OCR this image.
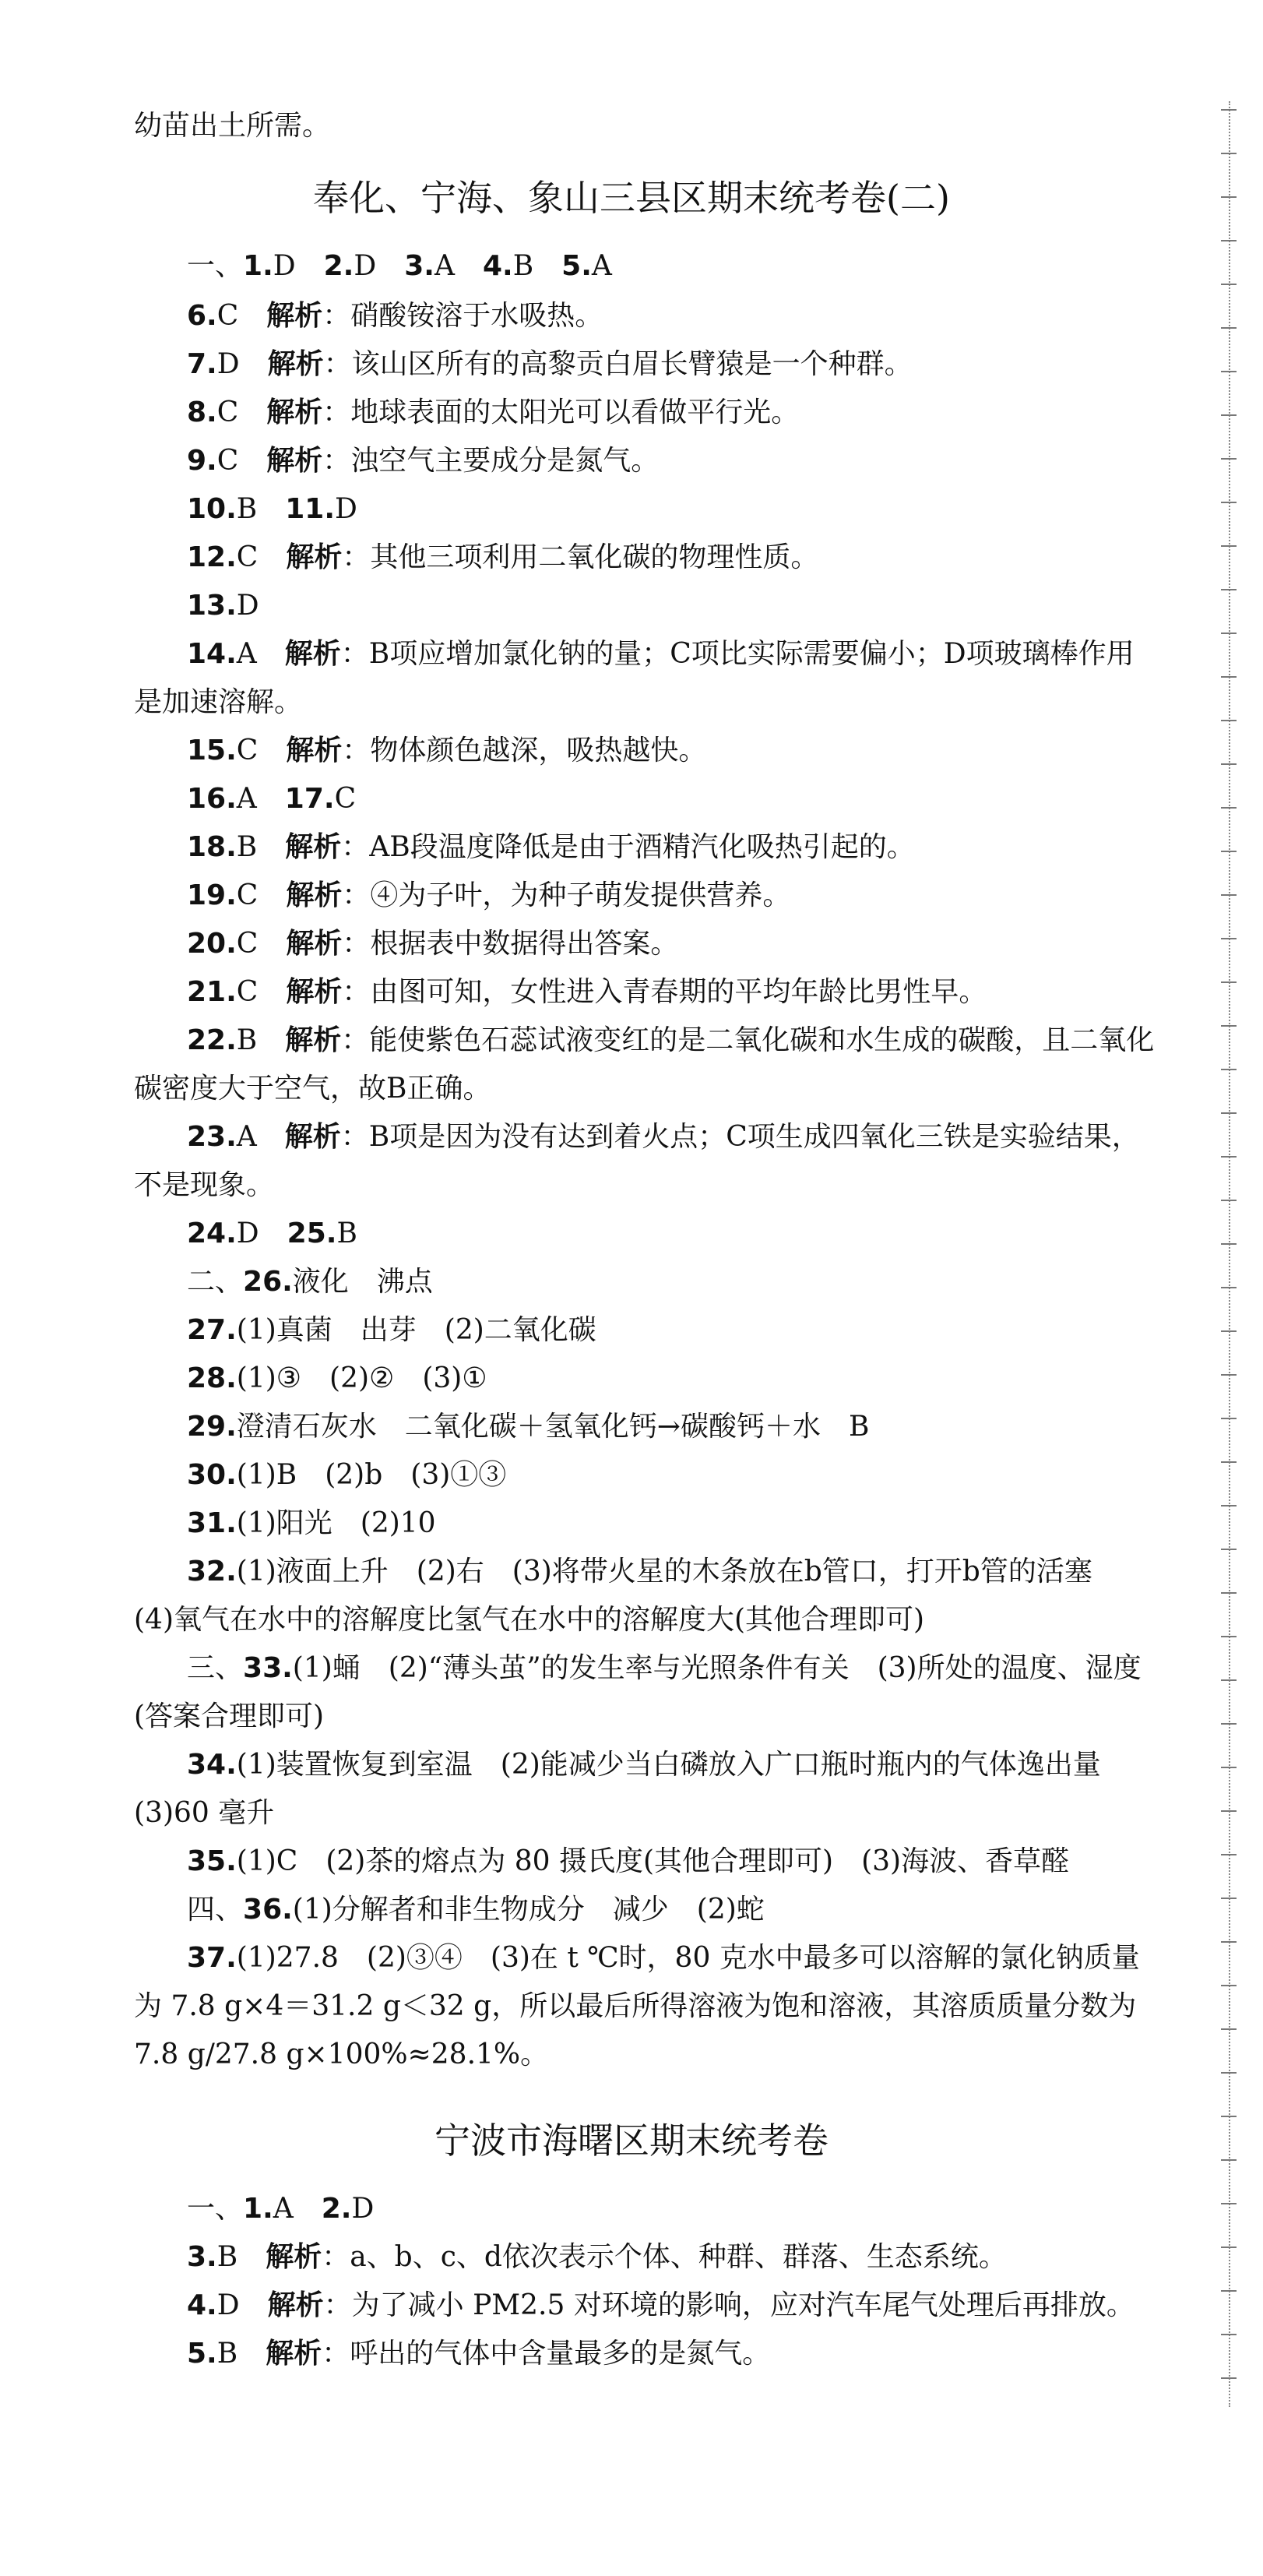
幼苗出土所需。
奉化、宁海、象山三县区期末统考卷(二)
一、1.D　2.D　3.A　4.B　5.A
6.C　解析：硝酸铵溶于水吸热。
7.D　解析：该山区所有的高黎贡白眉长臂猿是一个种群。
8.C　解析：地球表面的太阳光可以看做平行光。
9.C　解析：浊空气主要成分是氮气。
10.B　11.D
12.C　解析：其他三项利用二氧化碳的物理性质。
13.D
14.A　解析：B项应增加氯化钠的量；C项比实际需要偏小；D项玻璃棒作用
是加速溶解。
15.C　解析：物体颜色越深，吸热越快。
16.A　17.C
18.B　解析：AB段温度降低是由于酒精汽化吸热引起的。
19.C　解析：④为子叶，为种子萌发提供营养。
20.C　解析：根据表中数据得出答案。
21.C　解析：由图可知，女性进入青春期的平均年龄比男性早。
22.B　解析：能使紫色石蕊试液变红的是二氧化碳和水生成的碳酸，且二氧化
碳密度大于空气，故B正确。
23.A　解析：B项是因为没有达到着火点；C项生成四氧化三铁是实验结果，
不是现象。
24.D　25.B
二、26.液化　沸点
27.(1)真菌　出芽　(2)二氧化碳
28.(1)③　(2)②　(3)①
29.澄清石灰水　二氧化碳＋氢氧化钙→碳酸钙＋水　B
30.(1)B　(2)b　(3)①③
31.(1)阳光　(2)10
32.(1)液面上升　(2)右　(3)将带火星的木条放在b管口，打开b管的活塞
(4)氧气在水中的溶解度比氢气在水中的溶解度大(其他合理即可)
三、33.(1)蛹　(2)“薄头茧”的发生率与光照条件有关　(3)所处的温度、湿度
(答案合理即可)
34.(1)装置恢复到室温　(2)能减少当白磷放入广口瓶时瓶内的气体逸出量
(3)60 毫升
35.(1)C　(2)茶的熔点为 80 摄氏度(其他合理即可)　(3)海波、香草醛
四、36.(1)分解者和非生物成分　减少　(2)蛇
37.(1)27.8　(2)③④　(3)在 t ℃时，80 克水中最多可以溶解的氯化钠质量
为 7.8 g×4＝31.2 g＜32 g，所以最后所得溶液为饱和溶液，其溶质质量分数为
7.8 g/27.8 g×100%≈28.1%。
宁波市海曙区期末统考卷
一、1.A　2.D
3.B　解析：a、b、c、d依次表示个体、种群、群落、生态系统。
4.D　解析：为了减小 PM2.5 对环境的影响，应对汽车尾气处理后再排放。
5.B　解析：呼出的气体中含量最多的是氮气。
